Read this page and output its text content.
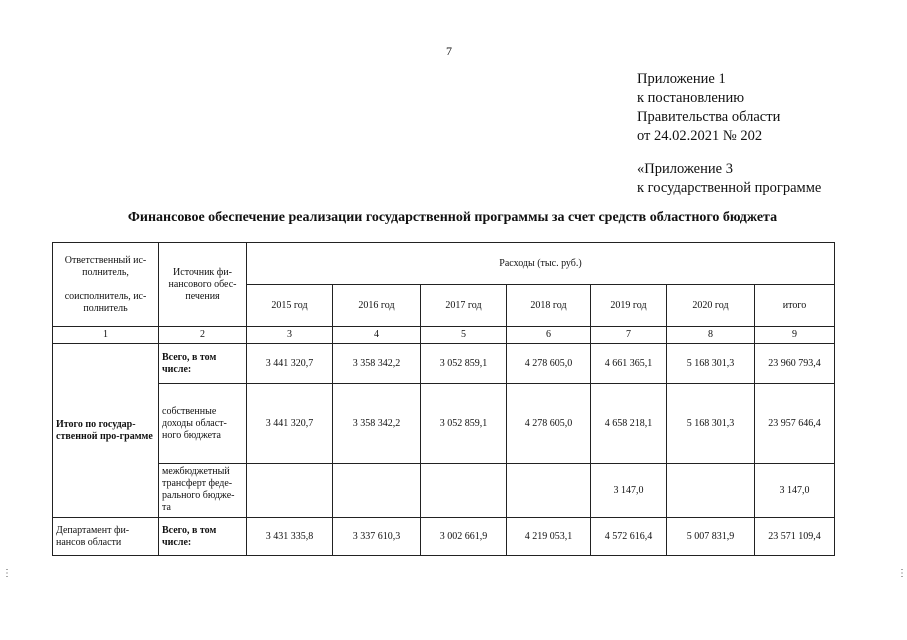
7
Приложение 1
к постановлению
Правительства области
от 24.02.2021 № 202
«Приложение 3
к государственной программе
Финансовое обеспечение реализации государственной программы за счет средств областного бюджета
Ответственный ис-полнитель,

соисполнитель, ис-полнитель	Источник фи-нансового обес-печения	Расходы (тыс. руб.)						
		2015 год	2016 год	2017 год	2018 год	2019 год	2020 год	итого
1	2	3	4	5	6	7	8	9
Итого по государ-ственной про-грамме	Всего, в том числе:	3 441 320,7	3 358 342,2	3 052 859,1	4 278 605,0	4 661 365,1	5 168 301,3	23 960 793,4
	собственные доходы област-ного бюджета	3 441 320,7	3 358 342,2	3 052 859,1	4 278 605,0	4 658 218,1	5 168 301,3	23 957 646,4
	межбюджетный трансферт феде-рального бюдже-та					3 147,0		3 147,0
Департамент фи-нансов области	Всего, в том числе:	3 431 335,8	3 337 610,3	3 002 661,9	4 219 053,1	4 572 616,4	5 007 831,9	23 571 109,4
⋮	⋮
